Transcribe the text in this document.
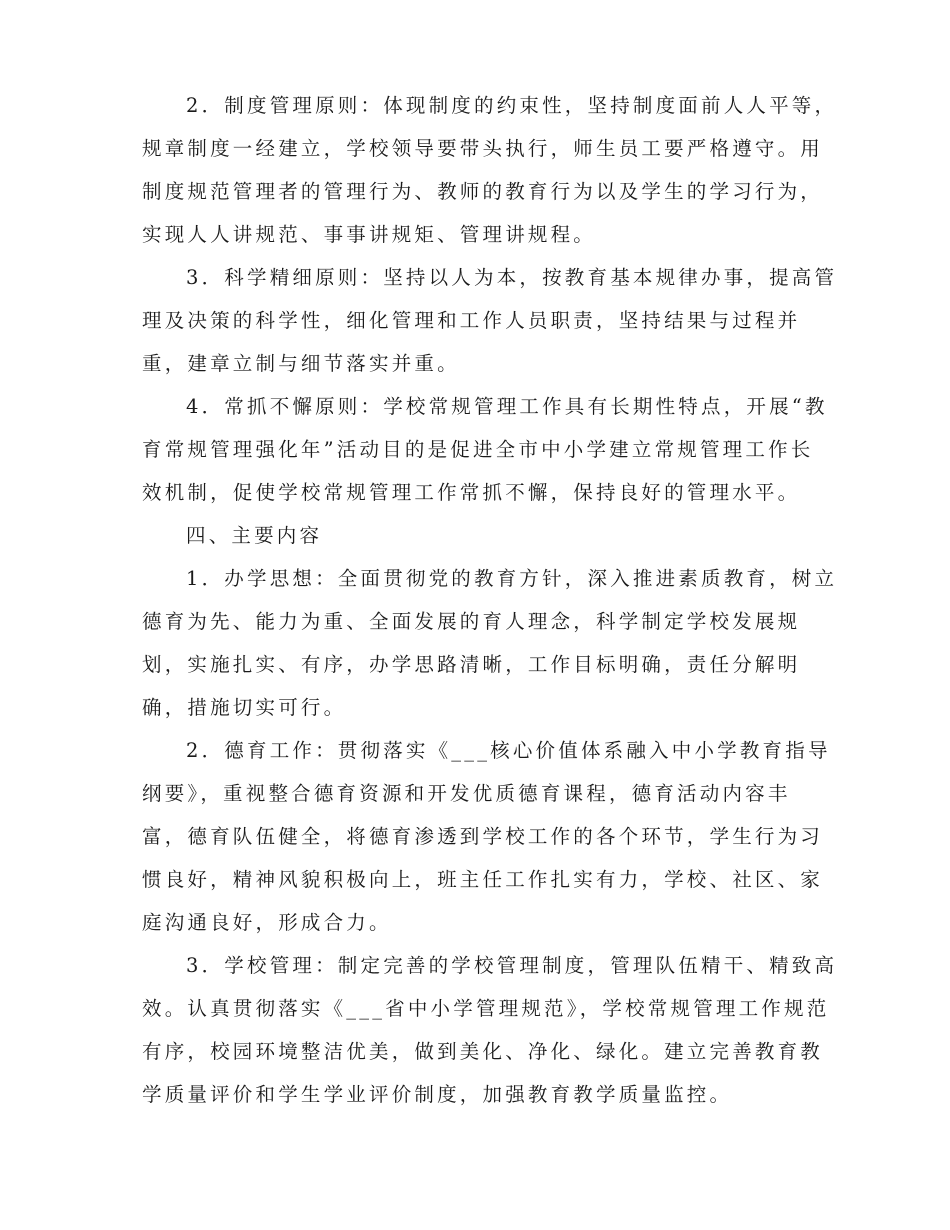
2．制度管理原则：体现制度的约束性，坚持制度面前人人平等，
规章制度一经建立，学校领导要带头执行，师生员工要严格遵守。用
制度规范管理者的管理行为、教师的教育行为以及学生的学习行为，
实现人人讲规范、事事讲规矩、管理讲规程。
3．科学精细原则：坚持以人为本，按教育基本规律办事，提高管
理及决策的科学性，细化管理和工作人员职责，坚持结果与过程并
重，建章立制与细节落实并重。
4．常抓不懈原则：学校常规管理工作具有长期性特点，开展“教
育常规管理强化年”活动目的是促进全市中小学建立常规管理工作长
效机制，促使学校常规管理工作常抓不懈，保持良好的管理水平。
四、主要内容
1．办学思想：全面贯彻党的教育方针，深入推进素质教育，树立
德育为先、能力为重、全面发展的育人理念，科学制定学校发展规
划，实施扎实、有序，办学思路清晰，工作目标明确，责任分解明
确，措施切实可行。
2．德育工作：贯彻落实《___核心价值体系融入中小学教育指导
纲要》，重视整合德育资源和开发优质德育课程，德育活动内容丰
富，德育队伍健全，将德育渗透到学校工作的各个环节，学生行为习
惯良好，精神风貌积极向上，班主任工作扎实有力，学校、社区、家
庭沟通良好，形成合力。
3．学校管理：制定完善的学校管理制度，管理队伍精干、精致高
效。认真贯彻落实《___省中小学管理规范》，学校常规管理工作规范
有序，校园环境整洁优美，做到美化、净化、绿化。建立完善教育教
学质量评价和学生学业评价制度，加强教育教学质量监控。
